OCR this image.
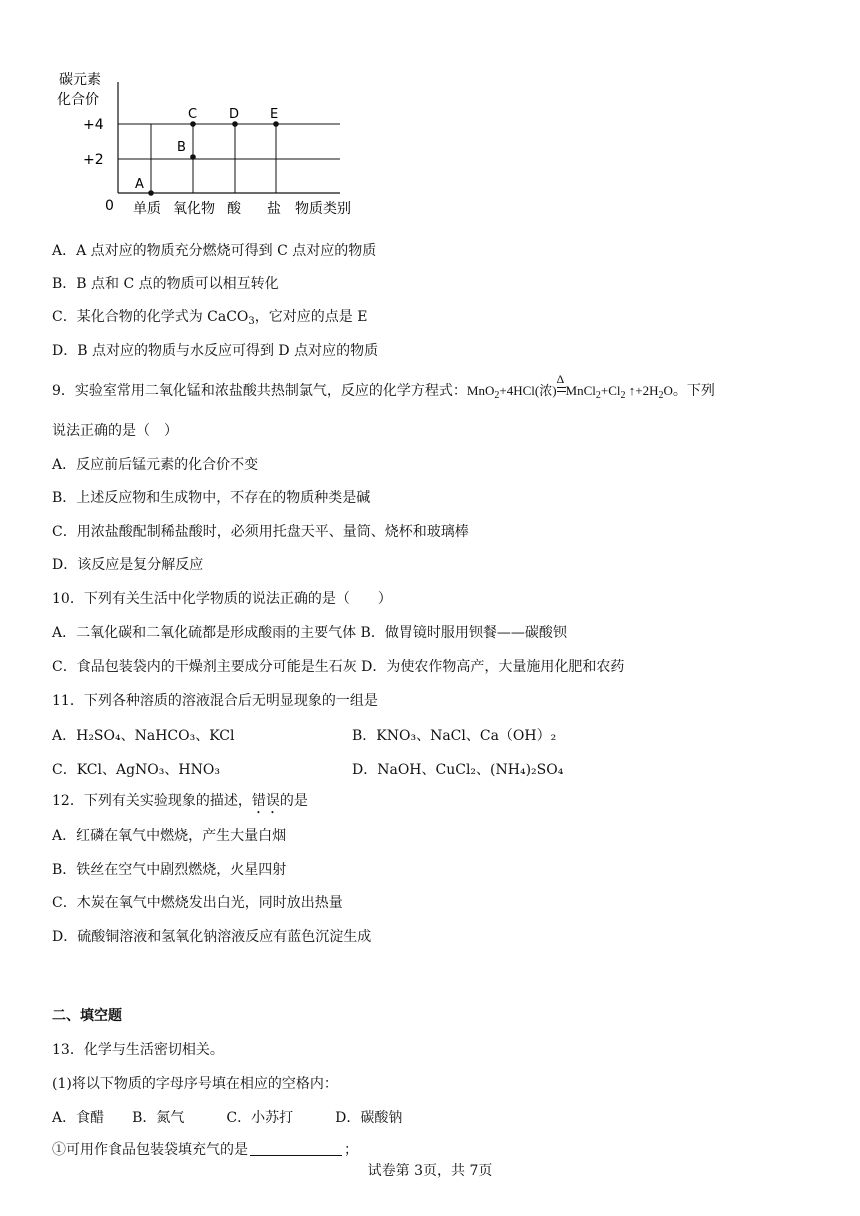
碳元素
化合价
+4
+2
0 单质 氧化物 酸 盐 物质类别
A
B
C D E
A．A 点对应的物质充分燃烧可得到 C 点对应的物质
B．B 点和 C 点的物质可以相互转化
C．某化合物的化学式为 CaCO$_3$，它对应的点是 E
D．B 点对应的物质与水反应可得到 D 点对应的物质
9．实验室常用二氧化锰和浓盐酸共热制氯气，反应的化学方程式：MnO$_2$+4HCl(浓)
Δ
$MnCl_2+Cl_2$ $↑+2H_2O$。下列
说法正确的是（　）
A．反应前后锰元素的化合价不变
B．上述反应物和生成物中，不存在的物质种类是碱
C．用浓盐酸配制稀盐酸时，必须用托盘天平、量筒、烧杯和玻璃棒
D．该反应是复分解反应
10．下列有关生活中化学物质的说法正确的是（　　）
A．二氧化碳和二氧化硫都是形成酸雨的主要气体 B．做胃镜时服用钡餐——碳酸钡
C．食品包装袋内的干燥剂主要成分可能是生石灰 D．为使农作物高产，大量施用化肥和农药
11．下列各种溶质的溶液混合后无明显现象的一组是
A．H₂SO₄、NaHCO₃、KCl	B．KNO₃、NaCl、Ca（OH）₂
C．KCl、AgNO₃、HNO₃	D．NaOH、CuCl₂、(NH₄)₂SO₄
12．下列有关实验现象的描述，错误的是
A．红磷在氧气中燃烧，产生大量白烟
B．铁丝在空气中剧烈燃烧，火星四射
C．木炭在氧气中燃烧发出白光，同时放出热量
D．硫酸铜溶液和氢氧化钠溶液反应有蓝色沉淀生成
二、填空题
13．化学与生活密切相关。
(1)将以下物质的字母序号填在相应的空格内：
A．食醋　　B．氮气　　　C．小苏打　　　D．碳酸钠
①可用作食品包装袋填充气的是	；
试卷第 3页，共 7页
